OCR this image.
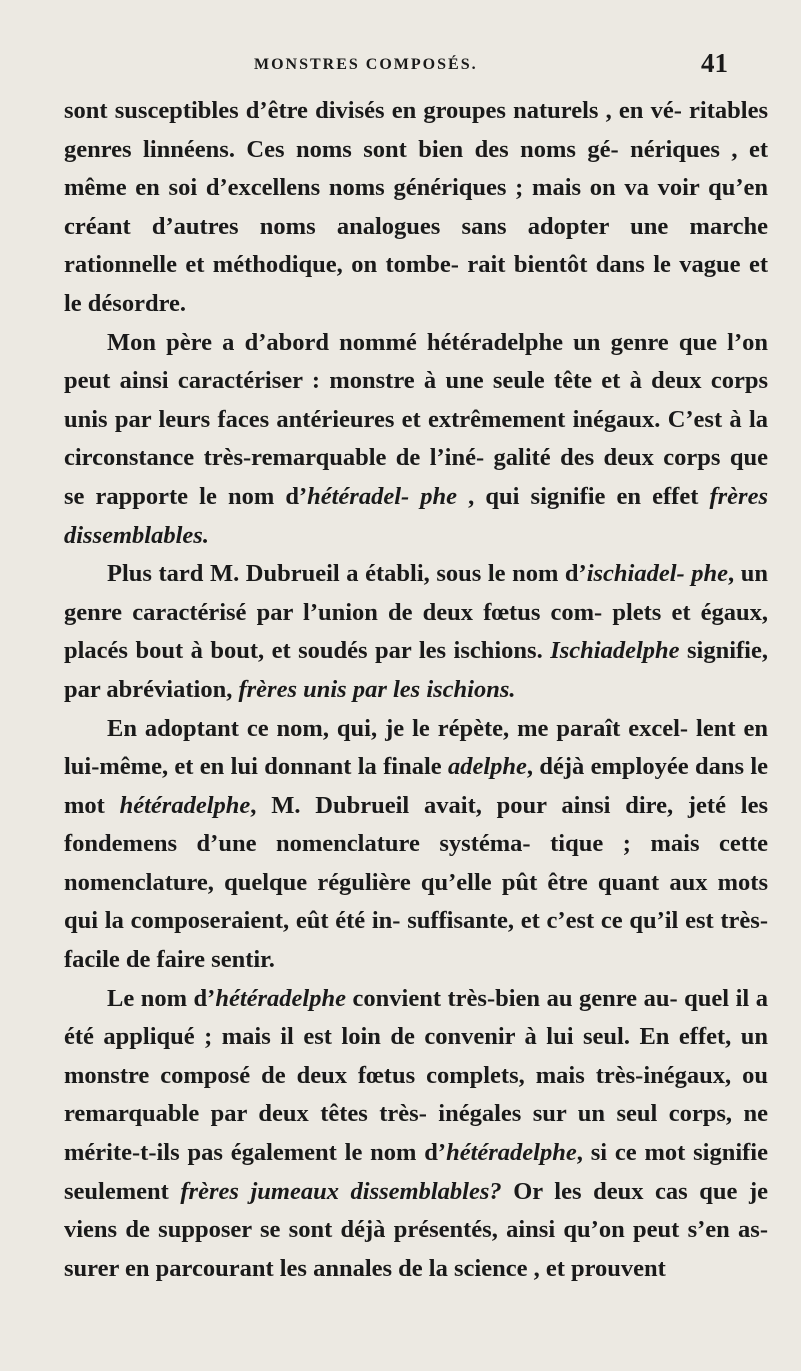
MONSTRES COMPOSÉS.	41

sont susceptibles d’être divisés en groupes naturels , en vé- ritables genres linnéens. Ces noms sont bien des noms gé- nériques , et même en soi d’excellens noms génériques ; mais on va voir qu’en créant d’autres noms analogues sans adopter une marche rationnelle et méthodique, on tombe- rait bientôt dans le vague et le désordre.

Mon père a d’abord nommé hétéradelphe un genre que l’on peut ainsi caractériser : monstre à une seule tête et à deux corps unis par leurs faces antérieures et extrêmement inégaux. C’est à la circonstance très-remarquable de l’iné- galité des deux corps que se rapporte le nom d’hétéradel- phe , qui signifie en effet frères dissemblables.

Plus tard M. Dubrueil a établi, sous le nom d’ischiadel- phe, un genre caractérisé par l’union de deux fœtus com- plets et égaux, placés bout à bout, et soudés par les ischions. Ischiadelphe signifie, par abréviation, frères unis par les ischions.

En adoptant ce nom, qui, je le répète, me paraît excel- lent en lui-même, et en lui donnant la finale adelphe, déjà employée dans le mot hétéradelphe, M. Dubrueil avait, pour ainsi dire, jeté les fondemens d’une nomenclature systéma- tique ; mais cette nomenclature, quelque régulière qu’elle pût être quant aux mots qui la composeraient, eût été in- suffisante, et c’est ce qu’il est très-facile de faire sentir.

Le nom d’hétéradelphe convient très-bien au genre au- quel il a été appliqué ; mais il est loin de convenir à lui seul. En effet, un monstre composé de deux fœtus complets, mais très-inégaux, ou remarquable par deux têtes très- inégales sur un seul corps, ne mérite-t-ils pas également le nom d’hétéradelphe, si ce mot signifie seulement frères jumeaux dissemblables? Or les deux cas que je viens de supposer se sont déjà présentés, ainsi qu’on peut s’en as- surer en parcourant les annales de la science , et prouvent
